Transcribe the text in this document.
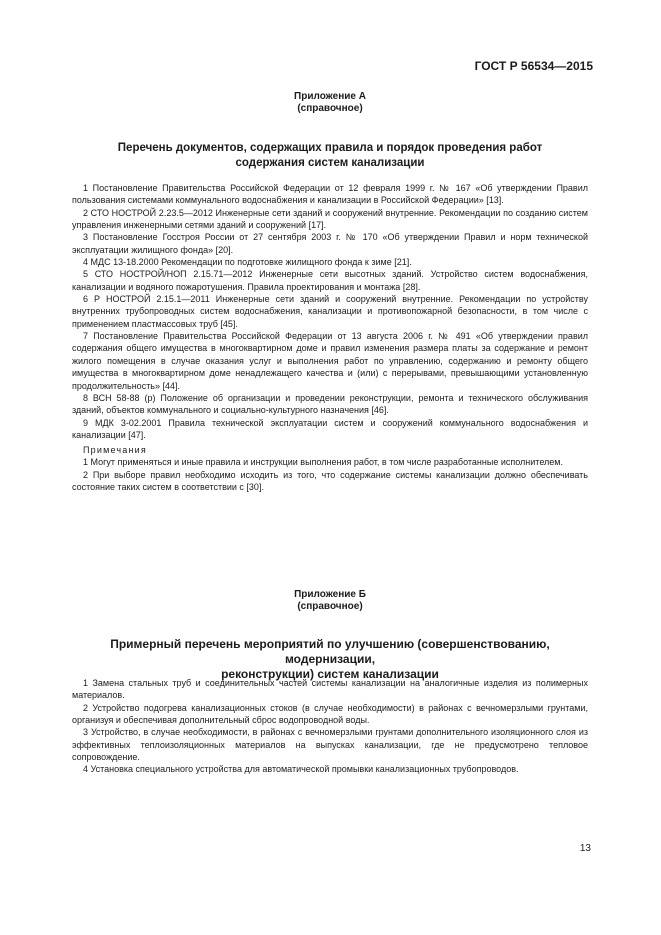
ГОСТ Р 56534—2015
Приложение А
(справочное)
Перечень документов, содержащих правила и порядок проведения работ
содержания систем канализации

1 Постановление Правительства Российской Федерации от 12 февраля 1999 г. № 167 «Об утверждении Правил пользования системами коммунального водоснабжения и канализации в Российской Федерации» [13].

2 СТО НОСТРОЙ 2.23.5—2012 Инженерные сети зданий и сооружений внутренние. Рекомендации по созданию систем управления инженерными сетями зданий и сооружений [17].

3 Постановление Госстроя России от 27 сентября 2003 г. № 170 «Об утверждении Правил и норм технической эксплуатации жилищного фонда» [20].

4 МДС 13-18.2000 Рекомендации по подготовке жилищного фонда к зиме [21].

5 СТО НОСТРОЙ/НОП 2.15.71—2012 Инженерные сети высотных зданий. Устройство систем водоснабжения, канализации и водяного пожаротушения. Правила проектирования и монтажа [28].

6 Р НОСТРОЙ 2.15.1—2011 Инженерные сети зданий и сооружений внутренние. Рекомендации по устройству внутренних трубопроводных систем водоснабжения, канализации и противопожарной безопасности, в том числе с применением пластмассовых труб [45].

7 Постановление Правительства Российской Федерации от 13 августа 2006 г. № 491 «Об утверждении правил содержания общего имущества в многоквартирном доме и правил изменения размера платы за содержание и ремонт жилого помещения в случае оказания услуг и выполнения работ по управлению, содержанию и ремонту общего имущества в многоквартирном доме ненадлежащего качества и (или) с перерывами, превышающими установленную продолжительность» [44].

8 ВСН 58-88 (р) Положение об организации и проведении реконструкции, ремонта и технического обслуживания зданий, объектов коммунального и социально-культурного назначения [46].

9 МДК 3-02.2001 Правила технической эксплуатации систем и сооружений коммунального водоснабжения и канализации [47].

Примечания

1 Могут применяться и иные правила и инструкции выполнения работ, в том числе разработанные исполнителем.

2 При выборе правил необходимо исходить из того, что содержание системы канализации должно обеспечивать состояние таких систем в соответствии с [30].

Приложение Б
(справочное)
Примерный перечень мероприятий по улучшению (совершенствованию, модернизации,
реконструкции) систем канализации

1 Замена стальных труб и соединительных частей системы канализации на аналогичные изделия из полимерных материалов.

2 Устройство подогрева канализационных стоков (в случае необходимости) в районах с вечномерзлыми грунтами, организуя и обеспечивая дополнительный сброс водопроводной воды.

3 Устройство, в случае необходимости, в районах с вечномерзлыми грунтами дополнительного изоляционного слоя из эффективных теплоизоляционных материалов на выпусках канализации, где не предусмотрено тепловое сопровождение.

4 Установка специального устройства для автоматической промывки канализационных трубопроводов.

13
